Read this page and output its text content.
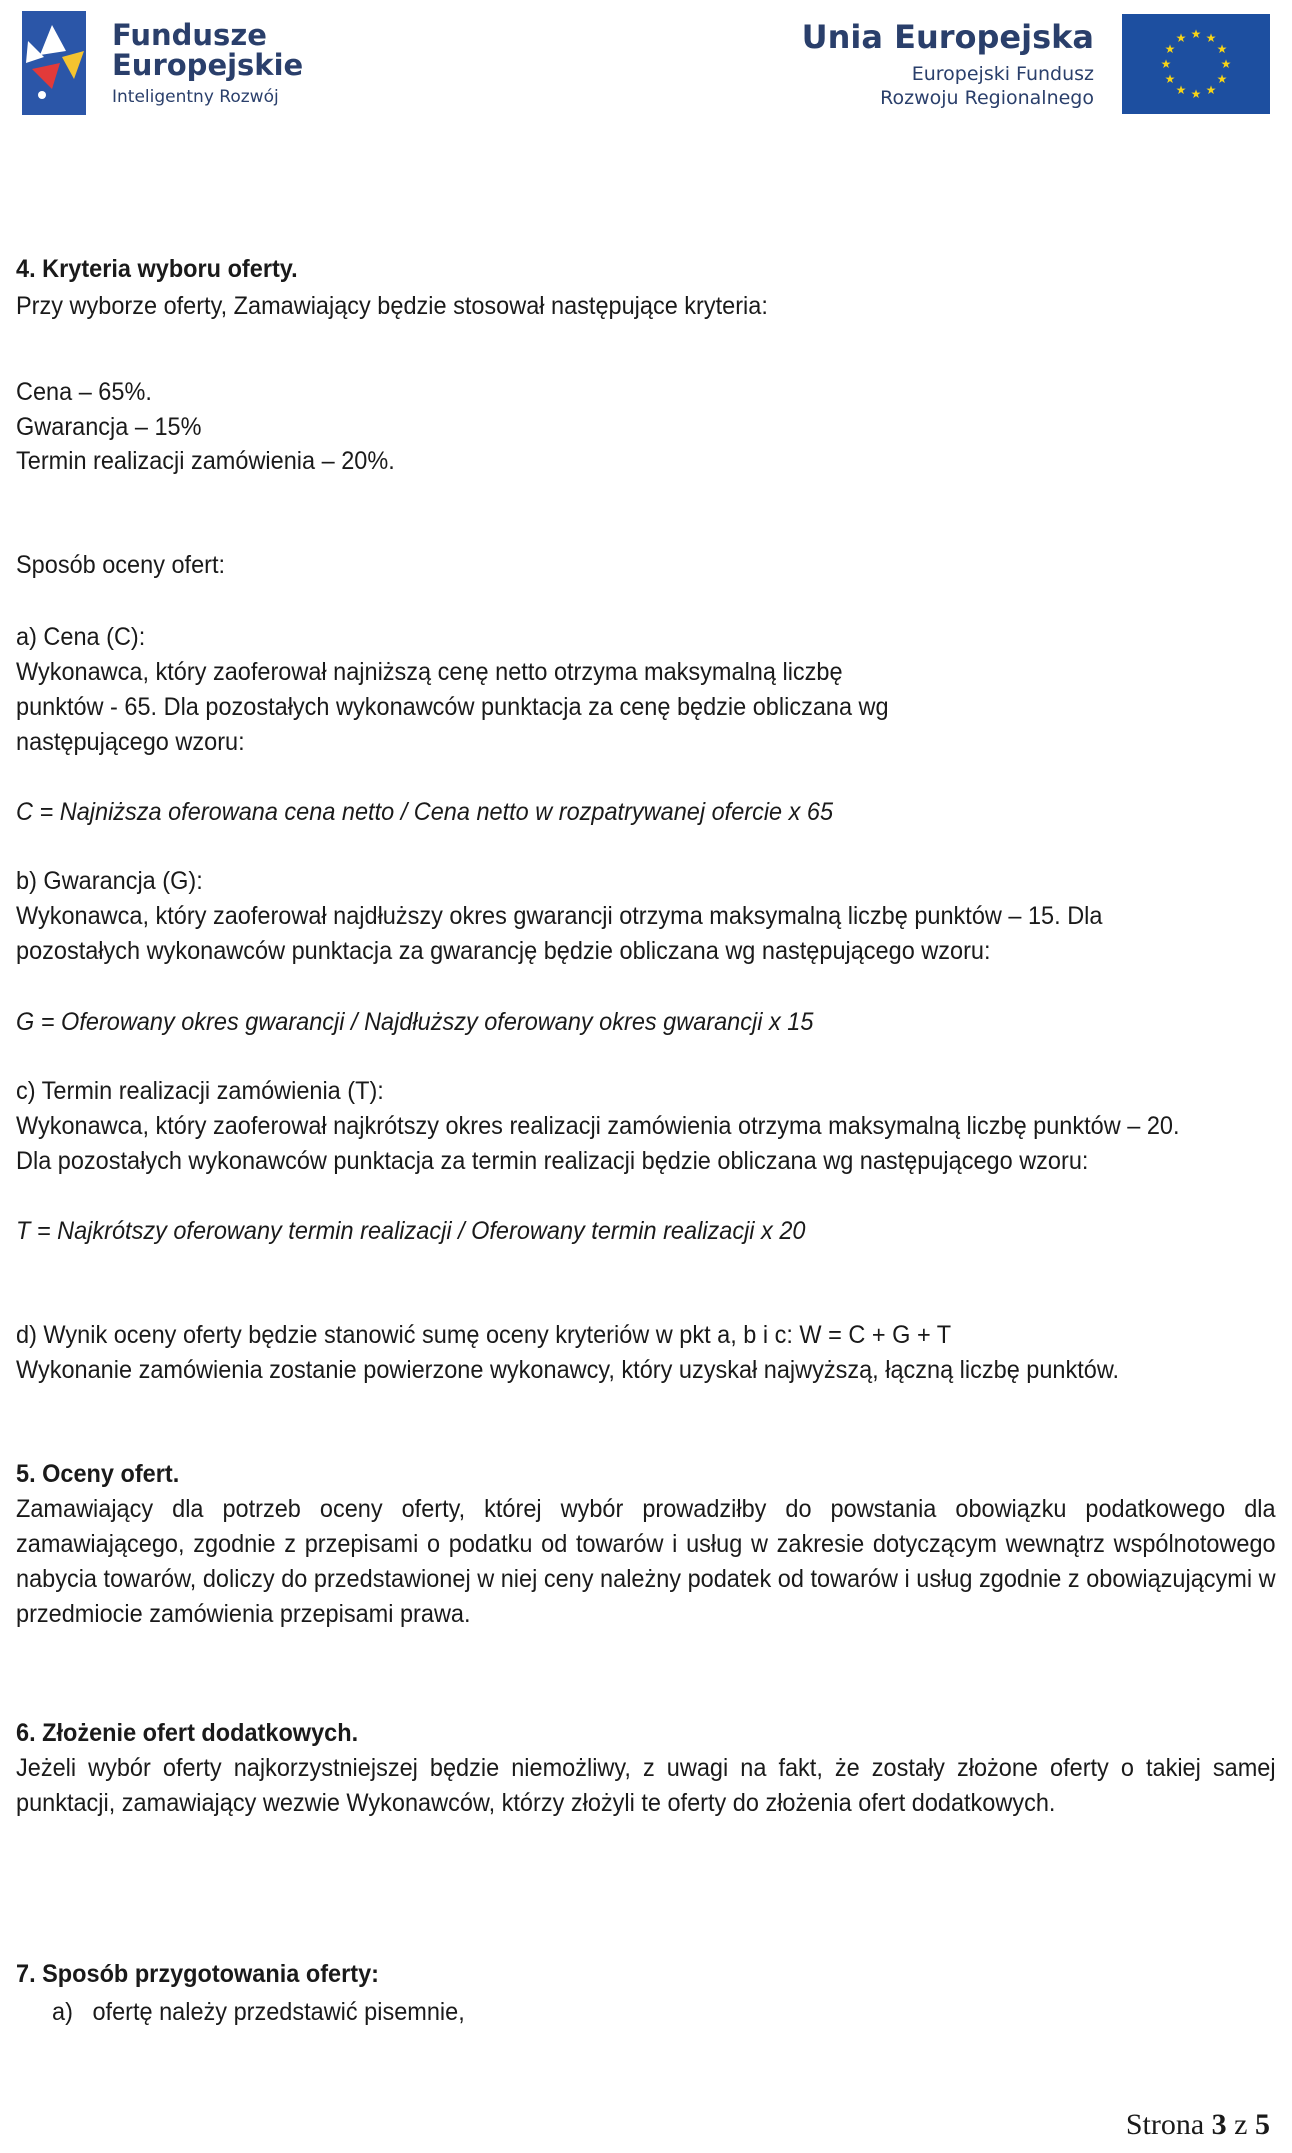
Fundusze
Europejskie
Inteligentny Rozwój
Unia Europejska
Europejski Fundusz
Rozwoju Regionalnego
★ ★
★
★
★
★
★
★
★
★
★
★

4. Kryteria wyboru oferty.

Przy wyborze oferty, Zamawiający będzie stosował następujące kryteria:

Cena – 65%.

Gwarancja – 15%

Termin realizacji zamówienia – 20%.

Sposób oceny ofert:

a) Cena (C):

Wykonawca, który zaoferował najniższą cenę netto otrzyma maksymalną liczbę

punktów - 65. Dla pozostałych wykonawców punktacja za cenę będzie obliczana wg

następującego wzoru:

C = Najniższa oferowana cena netto / Cena netto w rozpatrywanej ofercie x 65

b) Gwarancja (G):

Wykonawca, który zaoferował najdłuższy okres gwarancji otrzyma maksymalną liczbę punktów – 15. Dla

pozostałych wykonawców punktacja za gwarancję będzie obliczana wg następującego wzoru:

G = Oferowany okres gwarancji / Najdłuższy oferowany okres gwarancji x 15

c) Termin realizacji zamówienia (T):

Wykonawca, który zaoferował najkrótszy okres realizacji zamówienia otrzyma maksymalną liczbę punktów – 20.

Dla pozostałych wykonawców punktacja za termin realizacji będzie obliczana wg następującego wzoru:

T = Najkrótszy oferowany termin realizacji / Oferowany termin realizacji x 20

d) Wynik oceny oferty będzie stanowić sumę oceny kryteriów w pkt a, b i c: W = C + G + T

Wykonanie zamówienia zostanie powierzone wykonawcy, który uzyskał najwyższą, łączną liczbę punktów.

5. Oceny ofert.

Zamawiający dla potrzeb oceny oferty, której wybór prowadziłby do powstania obowiązku podatkowego dla zamawiającego, zgodnie z przepisami o podatku od towarów i usług w zakresie dotyczącym wewnątrz wspólnotowego nabycia towarów, doliczy do przedstawionej w niej ceny należny podatek od towarów i usług zgodnie z obowiązującymi w przedmiocie zamówienia przepisami prawa.

6. Złożenie ofert dodatkowych.

Jeżeli wybór oferty najkorzystniejszej będzie niemożliwy, z uwagi na fakt, że zostały złożone oferty o takiej samej punktacji, zamawiający wezwie Wykonawców, którzy złożyli te oferty do złożenia ofert dodatkowych.

7. Sposób przygotowania oferty:

a)   ofertę należy przedstawić pisemnie,

Strona 3 z 5
